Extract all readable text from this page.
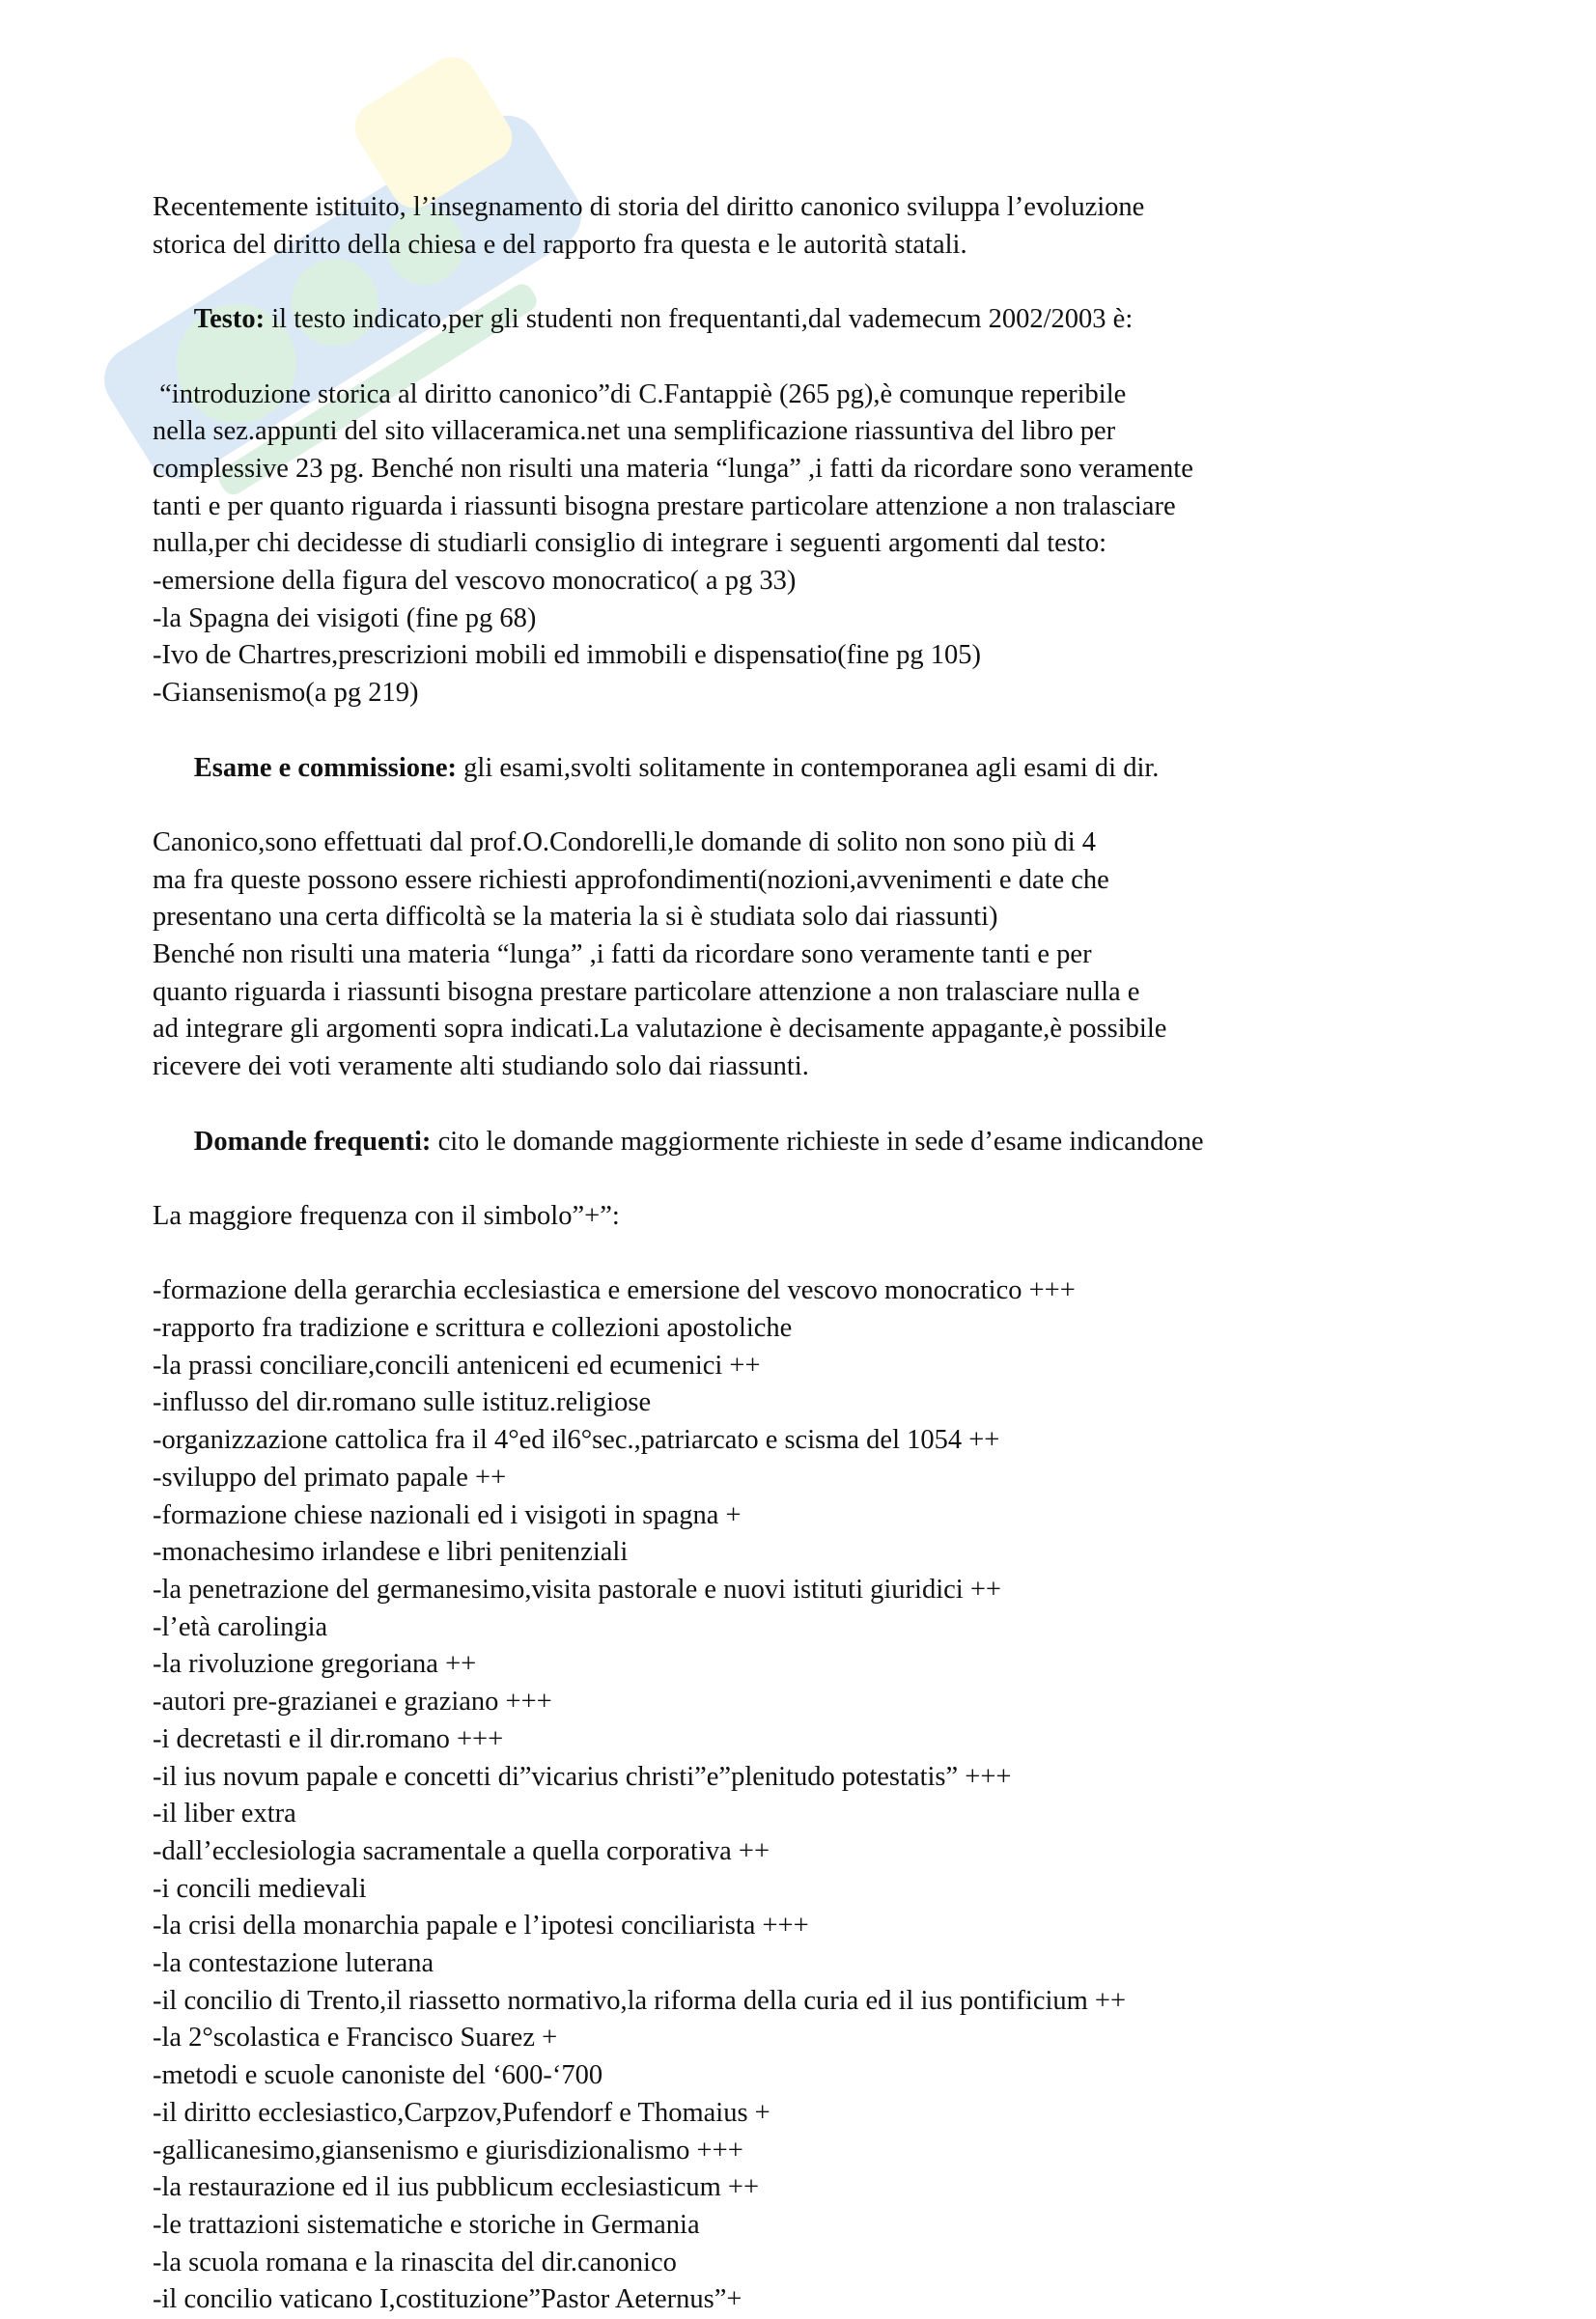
Recentemente istituito, l’insegnamento di storia del diritto canonico sviluppa l’evoluzione
storica del diritto della chiesa e del rapporto fra questa e le autorità statali.

Testo: il testo indicato,per gli studenti non frequentanti,dal vademecum 2002/2003 è:

“introduzione storica al diritto canonico”di C.Fantappiè (265 pg),è comunque reperibile
nella sez.appunti del sito villaceramica.net una semplificazione riassuntiva del libro per
complessive 23 pg. Benché non risulti una materia “lunga” ,i fatti da ricordare sono veramente
tanti e per quanto riguarda i riassunti bisogna prestare particolare attenzione a non tralasciare
nulla,per chi decidesse di studiarli consiglio di integrare i seguenti argomenti dal testo:
-emersione della figura del vescovo monocratico( a pg 33)
-la Spagna dei visigoti (fine pg 68)
-Ivo de Chartres,prescrizioni mobili ed immobili e dispensatio(fine pg 105)
-Giansenismo(a pg 219)

Esame e commissione: gli esami,svolti solitamente in contemporanea agli esami di dir.

Canonico,sono effettuati dal prof.O.Condorelli,le domande di solito non sono più di 4
ma fra queste possono essere richiesti approfondimenti(nozioni,avvenimenti e date che
presentano una certa difficoltà se la materia la si è studiata solo dai riassunti)
Benché non risulti una materia “lunga” ,i fatti da ricordare sono veramente tanti e per
quanto riguarda i riassunti bisogna prestare particolare attenzione a non tralasciare nulla e
ad integrare gli argomenti sopra indicati.La valutazione è decisamente appagante,è possibile
ricevere dei voti veramente alti studiando solo dai riassunti.

Domande frequenti: cito le domande maggiormente richieste in sede d’esame indicandone

La maggiore frequenza con il simbolo”+”:
-formazione della gerarchia ecclesiastica e emersione del vescovo monocratico +++
-rapporto fra tradizione e scrittura e collezioni apostoliche
-la prassi conciliare,concili anteniceni ed ecumenici ++
-influsso del dir.romano sulle istituz.religiose
-organizzazione cattolica fra il 4°ed il6°sec.,patriarcato e scisma del 1054 ++
-sviluppo del primato papale ++
-formazione chiese nazionali ed i visigoti in spagna +
-monachesimo irlandese e libri penitenziali
-la penetrazione del germanesimo,visita pastorale e nuovi istituti giuridici ++
-l’età carolingia
-la rivoluzione gregoriana ++
-autori pre-grazianei e graziano +++
-i decretasti e il dir.romano +++
-il ius novum papale e concetti di”vicarius christi”e”plenitudo potestatis” +++
-il liber extra
-dall’ecclesiologia sacramentale a quella corporativa ++
-i concili medievali
-la crisi della monarchia papale e l’ipotesi conciliarista +++
-la contestazione luterana
-il concilio di Trento,il riassetto normativo,la riforma della curia ed il ius pontificium ++
-la 2°scolastica e Francisco Suarez +
-metodi e scuole canoniste del ‘600-‘700
-il diritto ecclesiastico,Carpzov,Pufendorf e Thomaius +
-gallicanesimo,giansenismo e giurisdizionalismo +++
-la restaurazione ed il ius pubblicum ecclesiasticum ++
-le trattazioni sistematiche e storiche in Germania
-la scuola romana e la rinascita del dir.canonico
-il concilio vaticano I,costituzione”Pastor Aeternus”+
